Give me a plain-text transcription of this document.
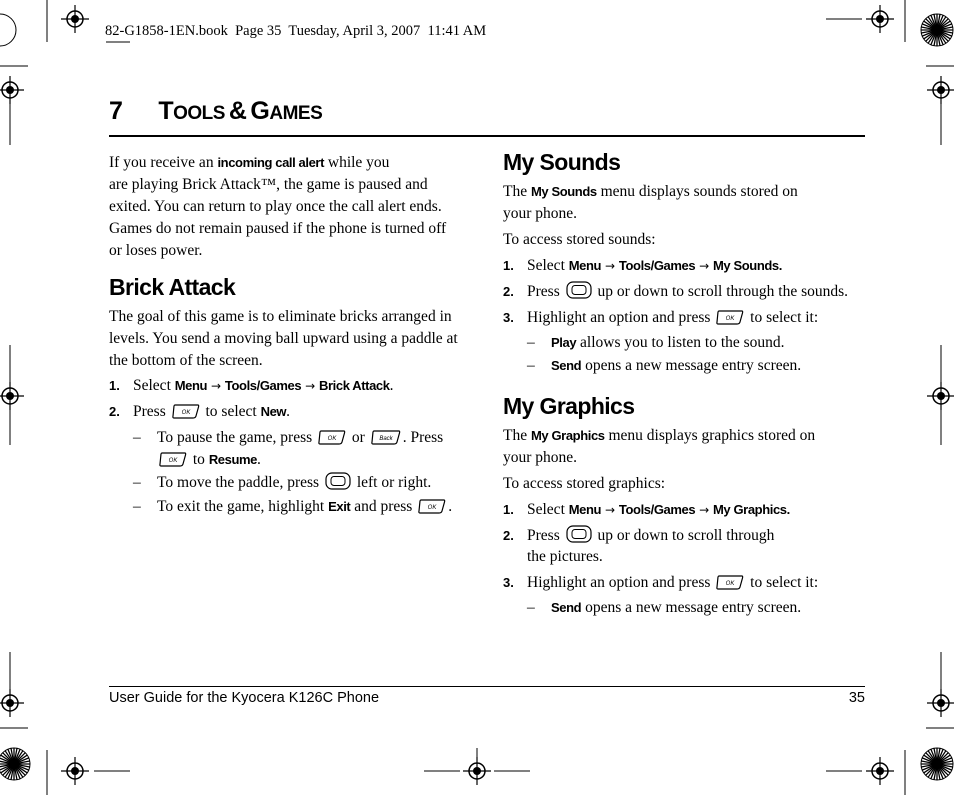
82-G1858-1EN.book  Page 35  Tuesday, April 3, 2007  11:41 AM
7 TOOLS & GAMES

If you receive an incoming call alert while you

are playing Brick Attack™, the game is paused and

exited. You can return to play once the call alert ends.

Games do not remain paused if the phone is turned off

or loses power.

Brick Attack

The goal of this game is to eliminate bricks arranged in

levels. You send a moving ball upward using a paddle at

the bottom of the screen.

1. Select Menu → Tools/Games → Brick Attack.
2. Press OK to select New.
– To pause the game, press OK or Back . Press
OK to Resume.
– To move the paddle, press  left or right.
– To exit the game, highlight Exit and press OK .
My Sounds

The My Sounds menu displays sounds stored on

your phone.

To access stored sounds:

1. Select Menu → Tools/Games → My Sounds.
2. Press  up or down to scroll through the sounds.
3. Highlight an option and press OK to select it:
– Play allows you to listen to the sound.
– Send opens a new message entry screen.
My Graphics

The My Graphics menu displays graphics stored on

your phone.

To access stored graphics:

1. Select Menu → Tools/Games → My Graphics.
2. Press  up or down to scroll through
the pictures.
3. Highlight an option and press OK to select it:
– Send opens a new message entry screen.
User Guide for the Kyocera K126C Phone	35
